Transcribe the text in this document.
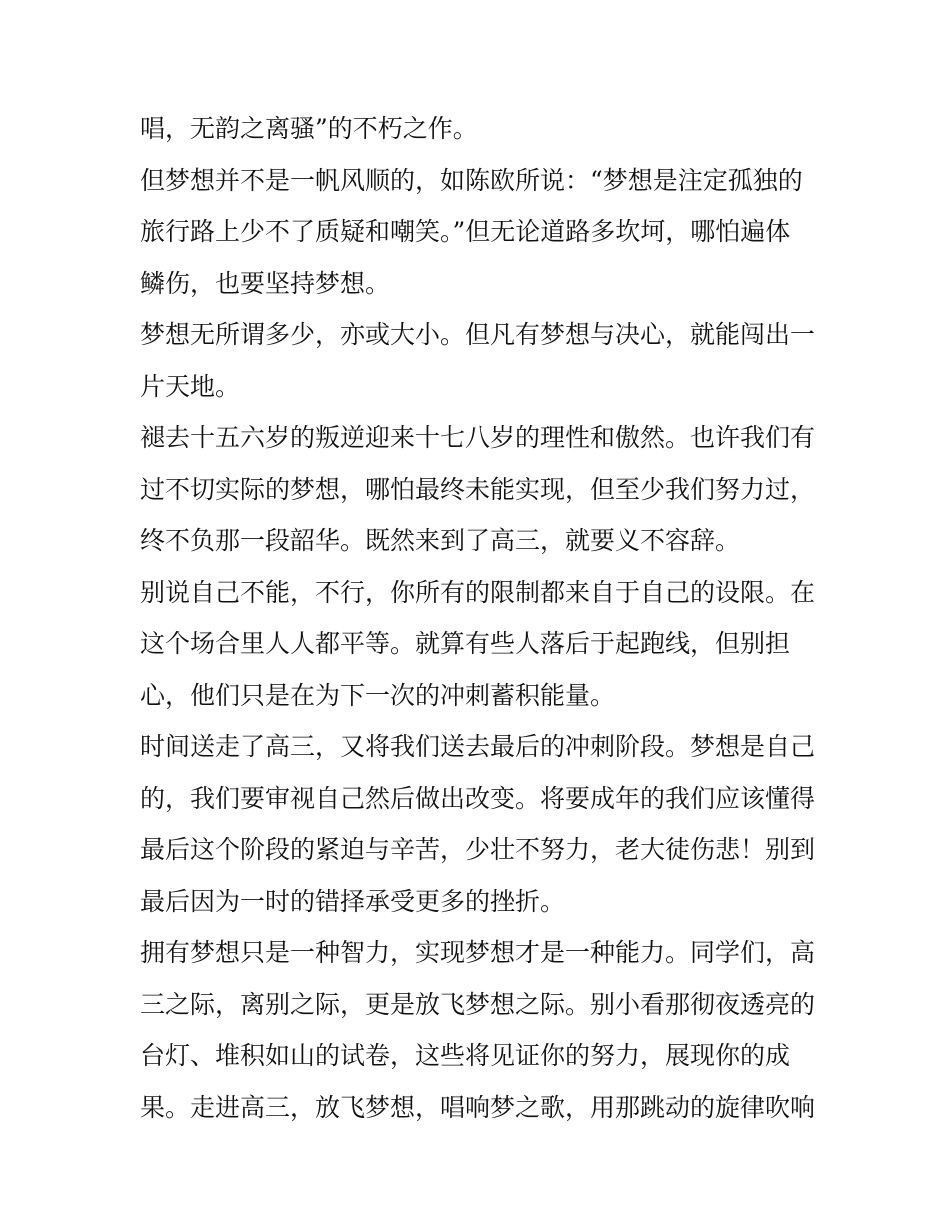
唱，无韵之离骚”的不朽之作。
但梦想并不是一帆风顺的，如陈欧所说：“梦想是注定孤独的
旅行路上少不了质疑和嘲笑。”但无论道路多坎坷，哪怕遍体
鳞伤，也要坚持梦想。
梦想无所谓多少，亦或大小。但凡有梦想与决心，就能闯出一
片天地。
褪去十五六岁的叛逆迎来十七八岁的理性和傲然。也许我们有
过不切实际的梦想，哪怕最终未能实现，但至少我们努力过，
终不负那一段韶华。既然来到了高三，就要义不容辞。
别说自己不能，不行，你所有的限制都来自于自己的设限。在
这个场合里人人都平等。就算有些人落后于起跑线，但别担
心，他们只是在为下一次的冲刺蓄积能量。
时间送走了高三，又将我们送去最后的冲刺阶段。梦想是自己
的，我们要审视自己然后做出改变。将要成年的我们应该懂得
最后这个阶段的紧迫与辛苦，少壮不努力，老大徒伤悲！别到
最后因为一时的错择承受更多的挫折。
拥有梦想只是一种智力，实现梦想才是一种能力。同学们，高
三之际，离别之际，更是放飞梦想之际。别小看那彻夜透亮的
台灯、堆积如山的试卷，这些将见证你的努力，展现你的成
果。走进高三，放飞梦想，唱响梦之歌，用那跳动的旋律吹响
